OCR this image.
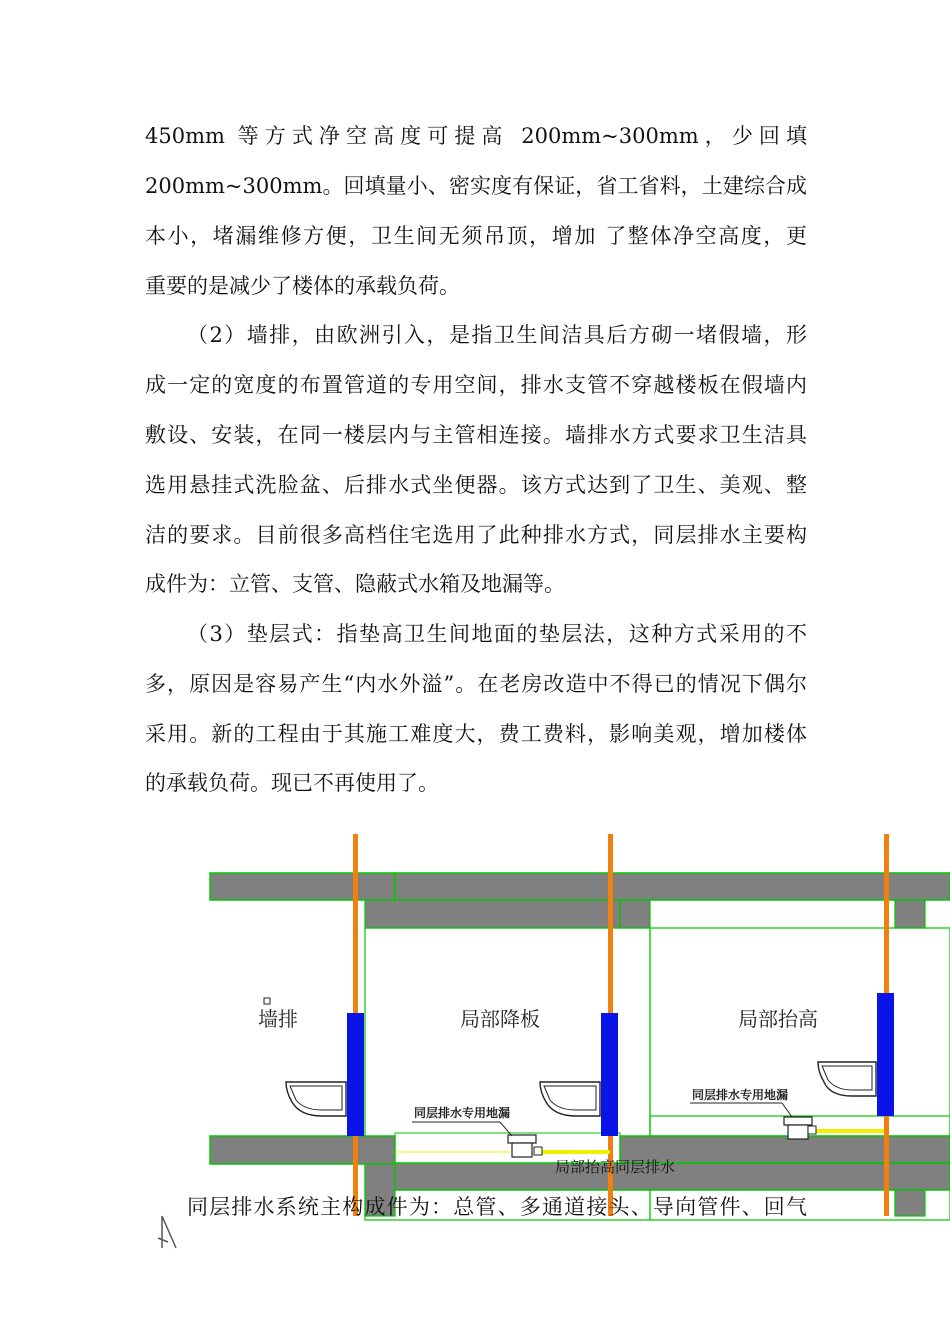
450mm 等方式净空高度可提高 200mm~300mm，少回填
200mm~300mm。回填量小、密实度有保证，省工省料，土建综合成
本小，堵漏维修方便，卫生间无须吊顶，增加 了整体净空高度，更
重要的是减少了楼体的承载负荷。
（2）墙排，由欧洲引入，是指卫生间洁具后方砌一堵假墙，形
成一定的宽度的布置管道的专用空间，排水支管不穿越楼板在假墙内
敷设、安装，在同一楼层内与主管相连接。墙排水方式要求卫生洁具
选用悬挂式洗脸盆、后排水式坐便器。该方式达到了卫生、美观、整
洁的要求。目前很多高档住宅选用了此种排水方式，同层排水主要构
成件为：立管、支管、隐蔽式水箱及地漏等。
（3）垫层式：指垫高卫生间地面的垫层法，这种方式采用的不
多，原因是容易产生“内水外溢”。在老房改造中不得已的情况下偶尔
采用。新的工程由于其施工难度大，费工费料，影响美观，增加楼体
的承载负荷。现已不再使用了。
墙排	局部降板	局部抬高
同层排水专用地漏
同层排水专用地漏
局部抬高同层排水
同层排水系统主构成件为：总管、多通道接头、导向管件、回气
